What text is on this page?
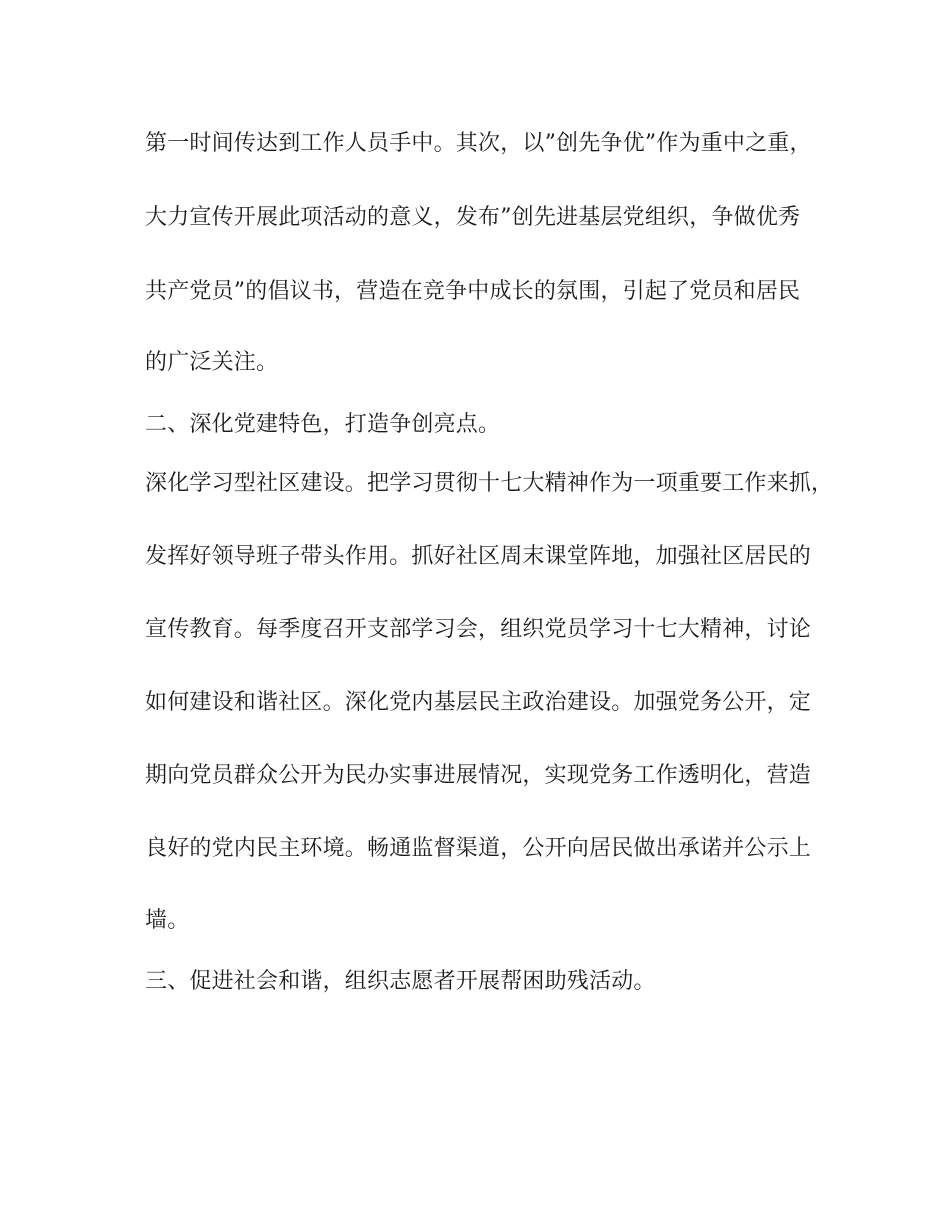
第一时间传达到工作人员手中。其次，以”创先争优”作为重中之重，
大力宣传开展此项活动的意义，发布”创先进基层党组织，争做优秀
共产党员”的倡议书，营造在竞争中成长的氛围，引起了党员和居民
的广泛关注。
二、深化党建特色，打造争创亮点。
深化学习型社区建设。把学习贯彻十七大精神作为一项重要工作来抓，
发挥好领导班子带头作用。抓好社区周末课堂阵地，加强社区居民的
宣传教育。每季度召开支部学习会，组织党员学习十七大精神，讨论
如何建设和谐社区。深化党内基层民主政治建设。加强党务公开，定
期向党员群众公开为民办实事进展情况，实现党务工作透明化，营造
良好的党内民主环境。畅通监督渠道，公开向居民做出承诺并公示上
墙。
三、促进社会和谐，组织志愿者开展帮困助残活动。
